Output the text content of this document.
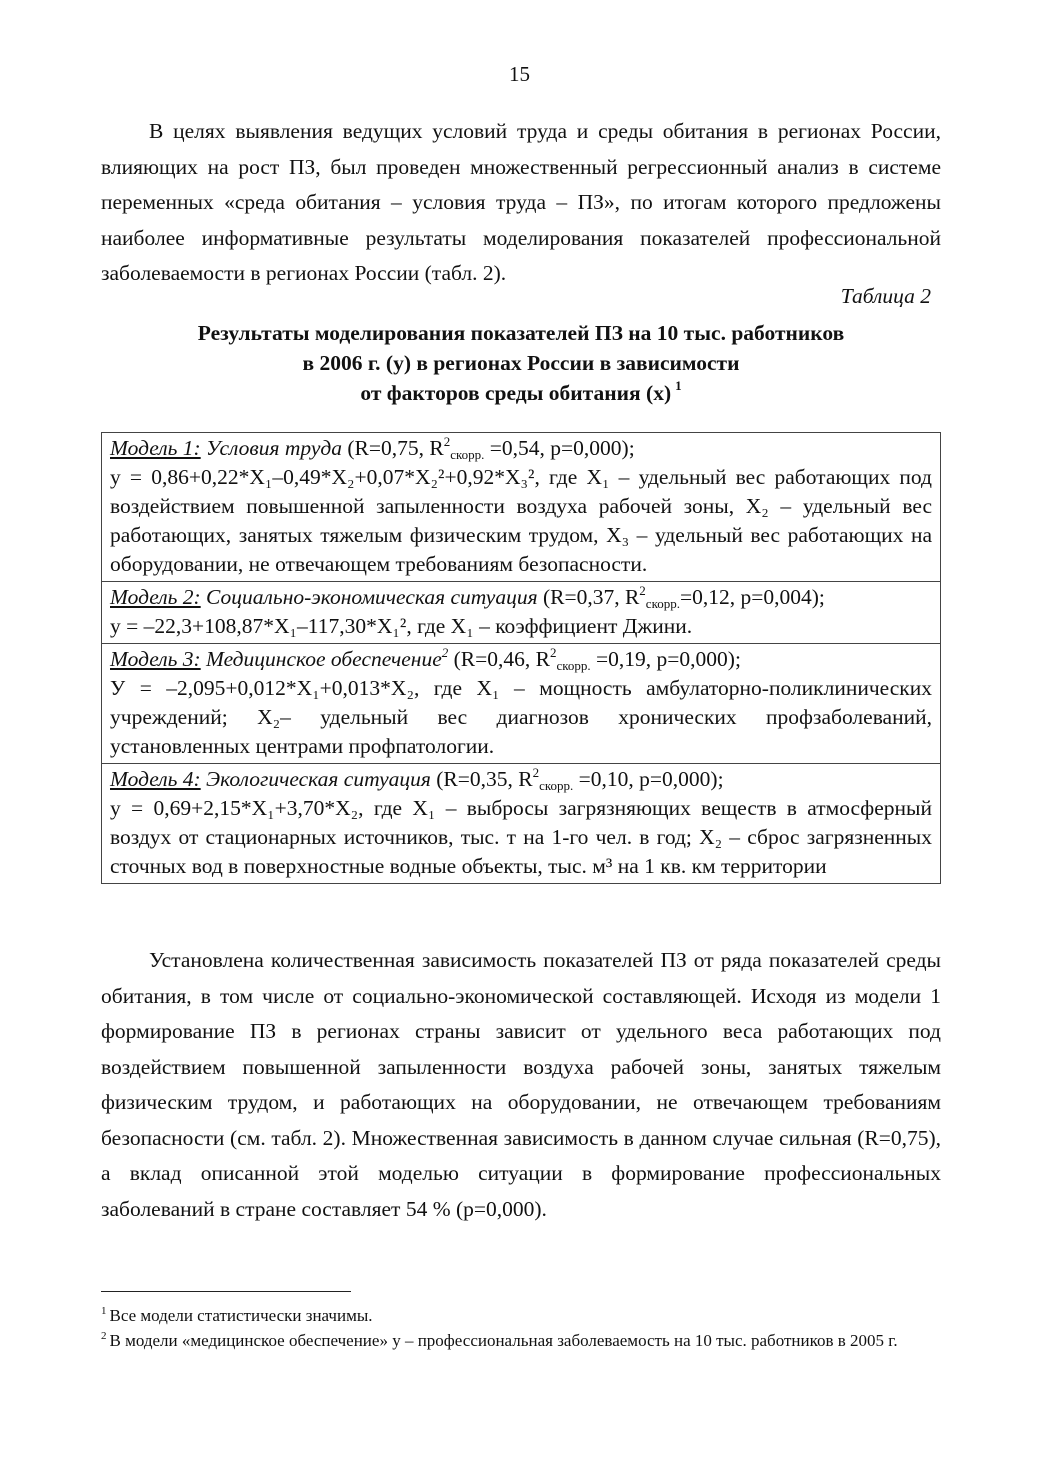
15

В целях выявления ведущих условий труда и среды обитания в регионах России, влияющих на рост ПЗ, был проведен множественный регрессионный анализ в системе переменных «среда обитания – условия труда – ПЗ», по итогам которого предложены наиболее информативные результаты моделирования показателей профессиональной заболеваемости в регионах России (табл. 2).

Таблица 2
Результаты моделирования показателей ПЗ на 10 тыс. работников
в 2006 г. (у) в регионах России в зависимости
от факторов среды обитания (х) $^1$
Модель 1: Условия труда (R=0,75, $R^2_{скорр.} =0,54$, р=0,000);
у = 0,86+0,22*X₁–0,49*X₂+0,07*X₂²+0,92*X₃², где X₁ – удельный вес работающих под воздействием повышенной запыленности воздуха рабочей зоны, X₂ – удельный вес работающих, занятых тяжелым физическим трудом, X₃ – удельный вес работающих на оборудовании, не отвечающем требованиям безопасности.
Модель 2: Социально-экономическая ситуация (R=0,37, $R^2_{скорр.}=0,12$, р=0,004);
у = –22,3+108,87*X₁–117,30*X₁², где X₁ – коэффициент Джини.
Модель 3: Медицинское обеспечение$^2$ (R=0,46, $R^2_{скорр.} =0,19$, р=0,000);
У = –2,095+0,012*X₁+0,013*X₂, где X₁ – мощность амбулаторно-поликлинических учреждений; X₂– удельный вес диагнозов хронических профзаболеваний, установленных центрами профпатологии.
Модель 4: Экологическая ситуация (R=0,35, $R^2_{скорр.} =0,10$, р=0,000);
у = 0,69+2,15*X₁+3,70*X₂, где X₁ – выбросы загрязняющих веществ в атмосферный воздух от стационарных источников, тыс. т на 1-го чел. в год; X₂ – сброс загрязненных сточных вод в поверхностные водные объекты, тыс. м³ на 1 кв. км территории

Установлена количественная зависимость показателей ПЗ от ряда показателей среды обитания, в том числе от социально-экономической составляющей. Исходя из модели 1 формирование ПЗ в регионах страны зависит от удельного веса работающих под воздействием повышенной запыленности воздуха рабочей зоны, занятых тяжелым физическим трудом, и работающих на оборудовании, не отвечающем требованиям безопасности (см. табл. 2). Множественная зависимость в данном случае сильная (R=0,75), а вклад описанной этой моделью ситуации в формирование профессиональных заболеваний в стране составляет 54 % (р=0,000).

$^1$ Все модели статистически значимы.
$^2$ В модели «медицинское обеспечение» у – профессиональная заболеваемость на 10 тыс. работников в 2005 г.
